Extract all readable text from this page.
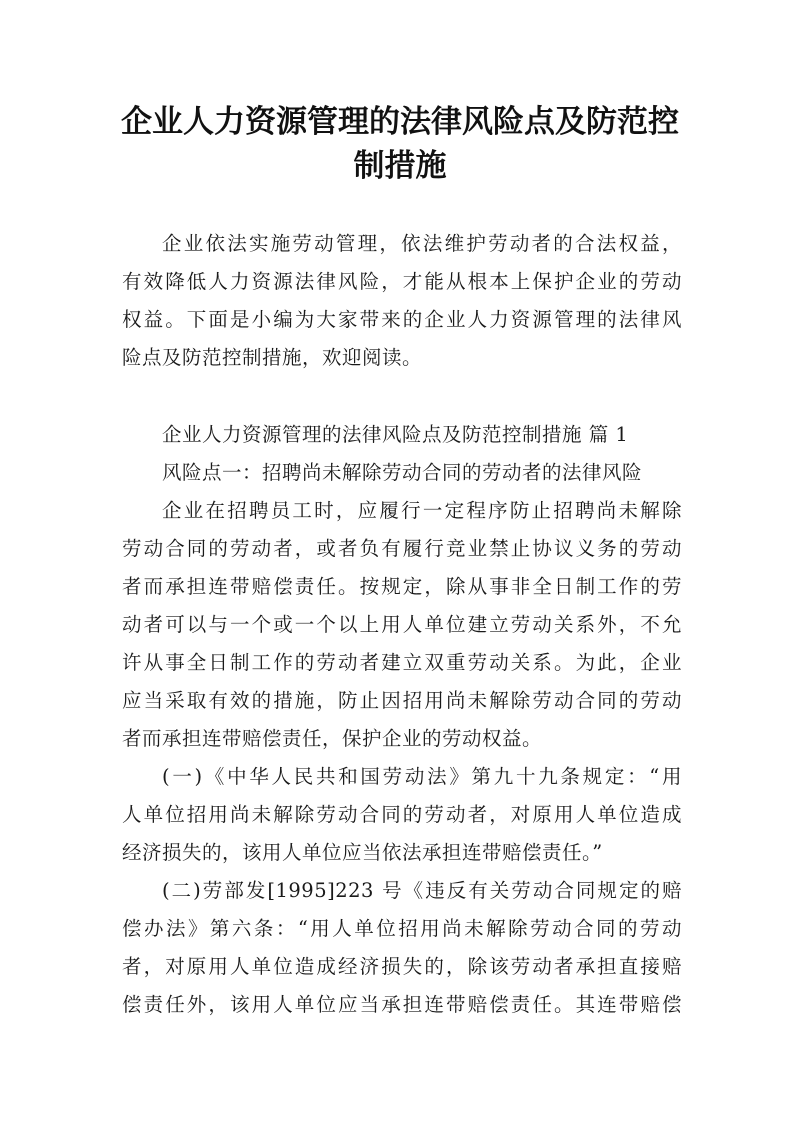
企业人力资源管理的法律风险点及防范控
制措施
企业依法实施劳动管理，依法维护劳动者的合法权益，
有效降低人力资源法律风险，才能从根本上保护企业的劳动
权益。下面是小编为大家带来的企业人力资源管理的法律风
险点及防范控制措施，欢迎阅读。
企业人力资源管理的法律风险点及防范控制措施 篇 1
风险点一：招聘尚未解除劳动合同的劳动者的法律风险
企业在招聘员工时，应履行一定程序防止招聘尚未解除
劳动合同的劳动者，或者负有履行竞业禁止协议义务的劳动
者而承担连带赔偿责任。按规定，除从事非全日制工作的劳
动者可以与一个或一个以上用人单位建立劳动关系外，不允
许从事全日制工作的劳动者建立双重劳动关系。为此，企业
应当采取有效的措施，防止因招用尚未解除劳动合同的劳动
者而承担连带赔偿责任，保护企业的劳动权益。
(一)《中华人民共和国劳动法》第九十九条规定：“用
人单位招用尚未解除劳动合同的劳动者，对原用人单位造成
经济损失的，该用人单位应当依法承担连带赔偿责任。”
(二)劳部发[1995]223 号《违反有关劳动合同规定的赔
偿办法》第六条：“用人单位招用尚未解除劳动合同的劳动
者，对原用人单位造成经济损失的，除该劳动者承担直接赔
偿责任外，该用人单位应当承担连带赔偿责任。其连带赔偿
